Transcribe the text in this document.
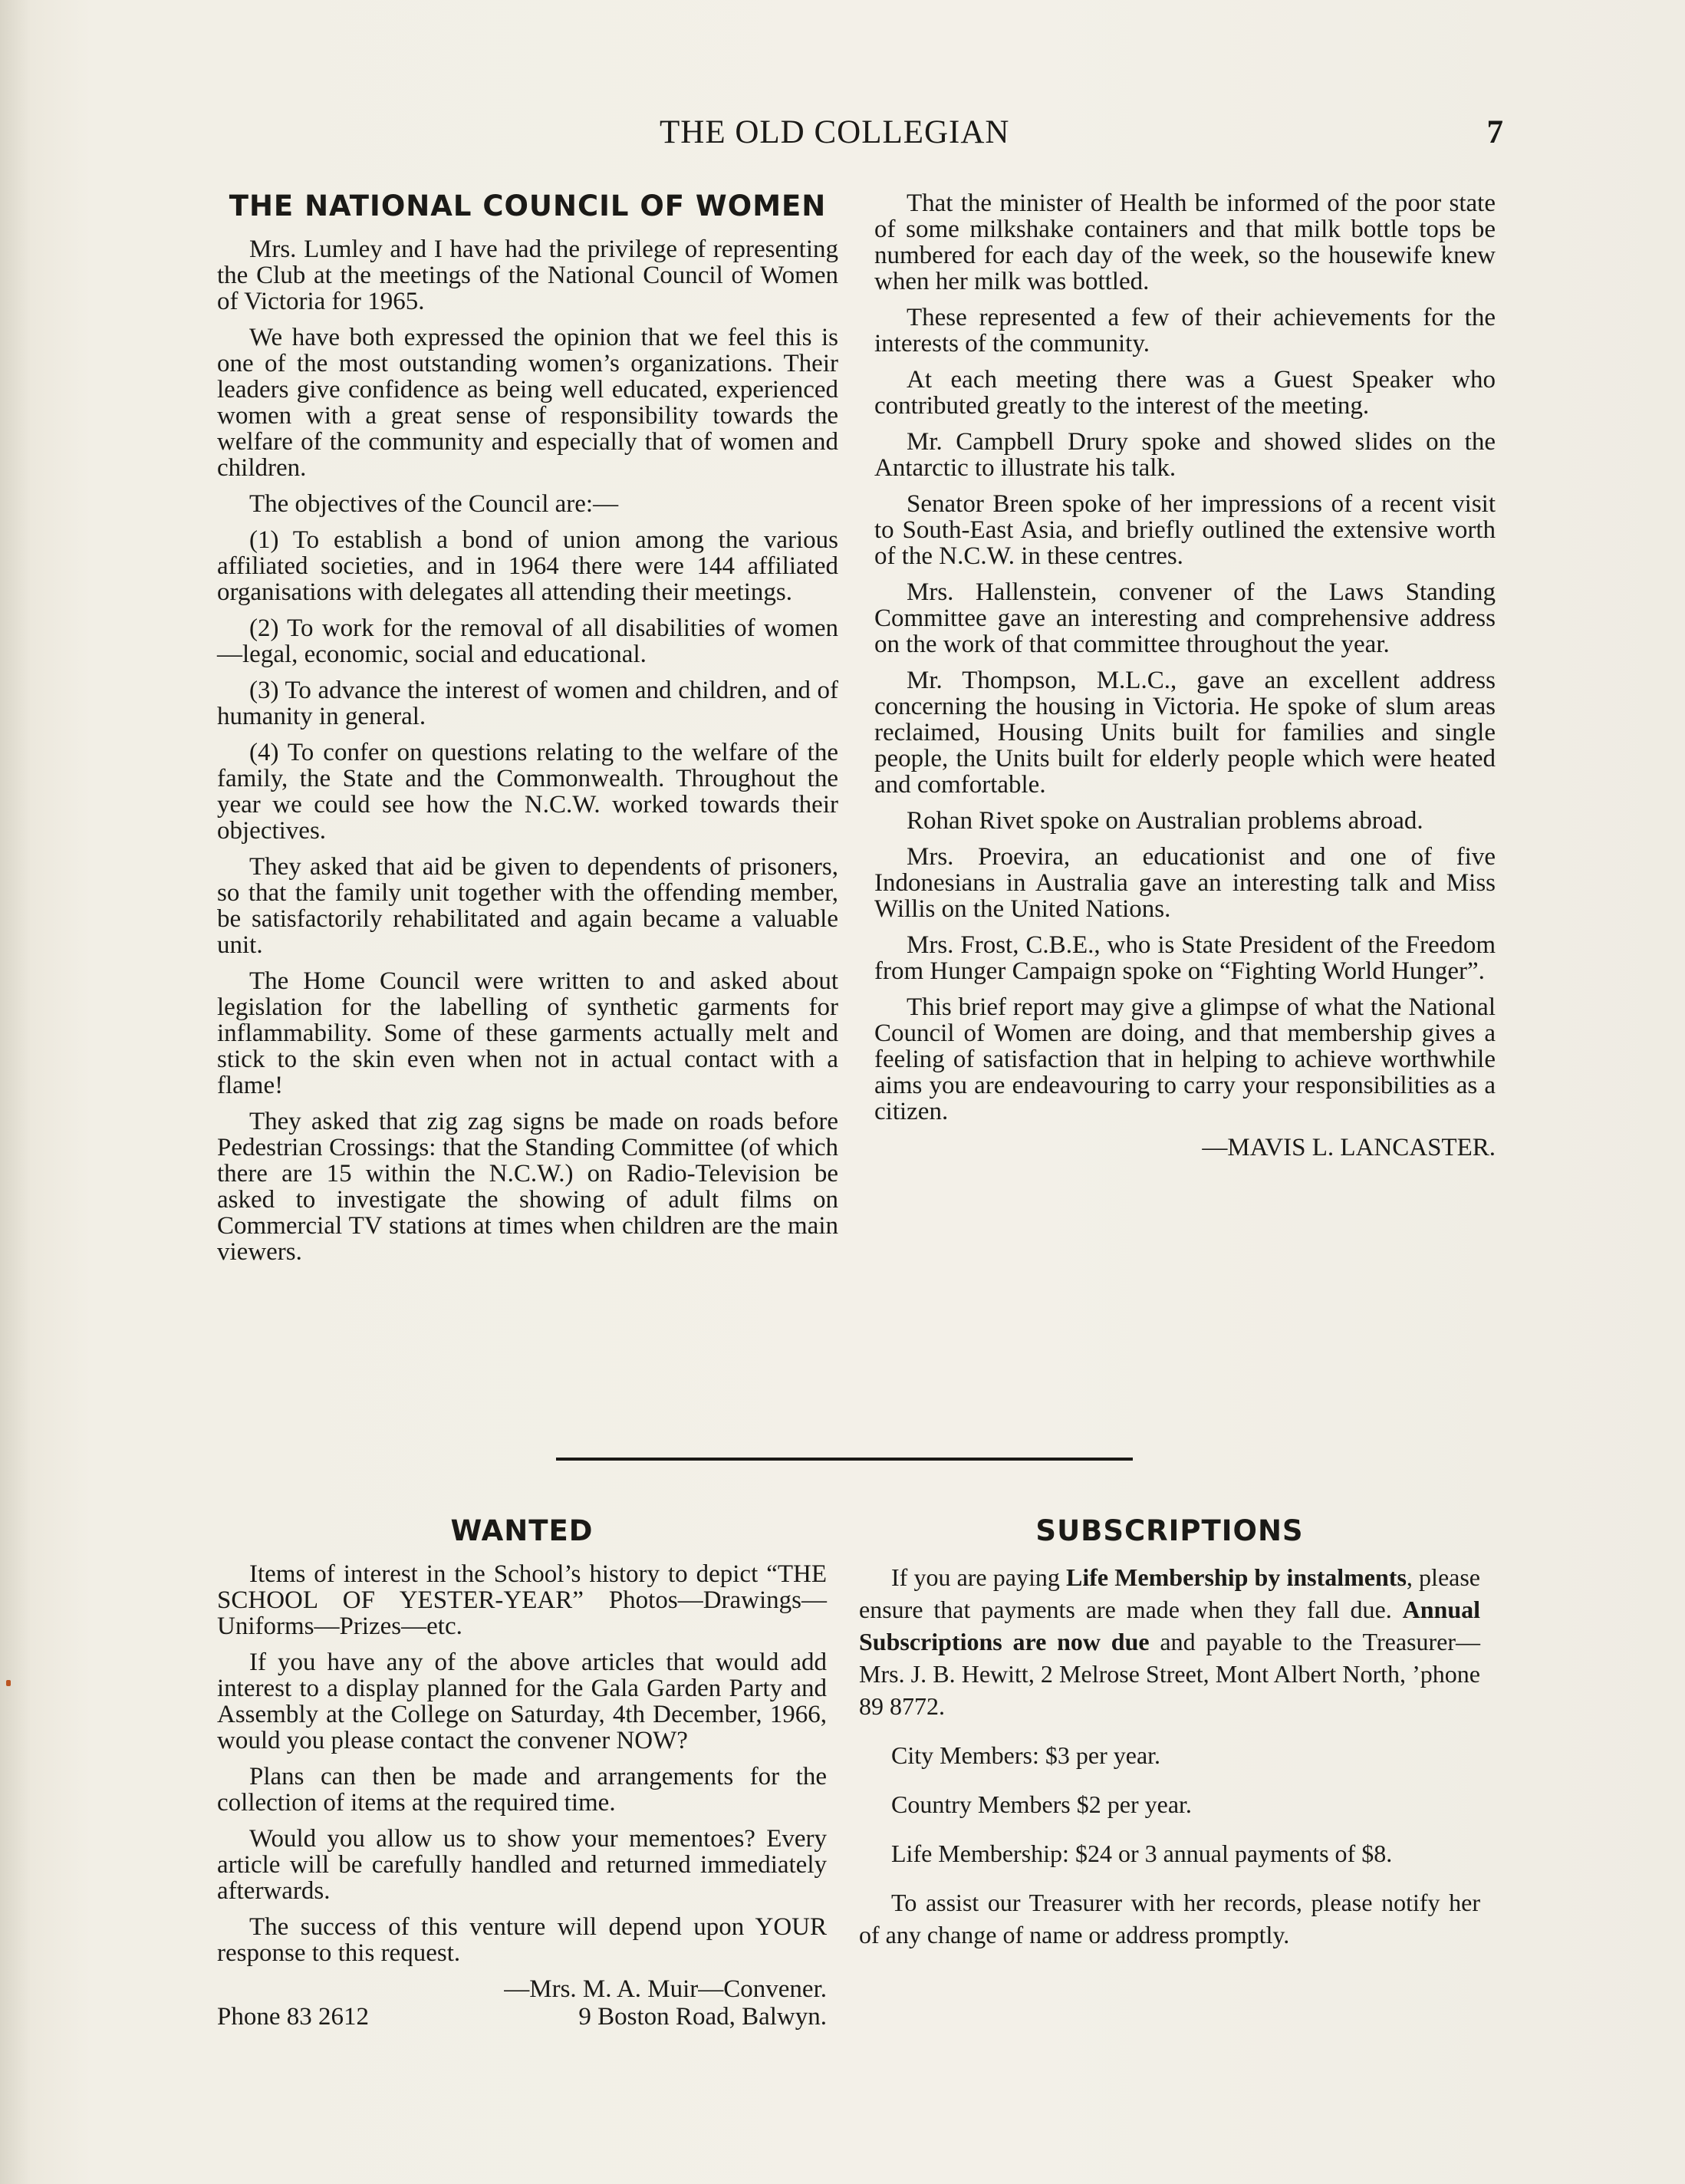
THE OLD COLLEGIAN	7
THE NATIONAL COUNCIL OF WOMEN

Mrs. Lumley and I have had the privilege of representing the Club at the meetings of the National Council of Women of Victoria for 1965.

We have both expressed the opinion that we feel this is one of the most outstanding women’s organizations. Their leaders give confidence as being well educated, experienced women with a great sense of responsibility towards the welfare of the community and especially that of women and children.

The objectives of the Council are:—

(1) To establish a bond of union among the various affiliated societies, and in 1964 there were 144 affiliated organisations with delegates all attending their meetings.

(2) To work for the removal of all disabilities of women—legal, economic, social and educational.

(3) To advance the interest of women and children, and of humanity in general.

(4) To confer on questions relating to the welfare of the family, the State and the Commonwealth. Throughout the year we could see how the N.C.W. worked towards their objectives.

They asked that aid be given to dependents of prisoners, so that the family unit together with the offending member, be satisfactorily rehabilitated and again became a valuable unit.

The Home Council were written to and asked about legislation for the labelling of synthetic garments for inflammability. Some of these garments actually melt and stick to the skin even when not in actual contact with a flame!

They asked that zig zag signs be made on roads before Pedestrian Crossings: that the Standing Committee (of which there are 15 within the N.C.W.) on Radio-Television be asked to investigate the showing of adult films on Commercial TV stations at times when children are the main viewers.

That the minister of Health be informed of the poor state of some milkshake containers and that milk bottle tops be numbered for each day of the week, so the housewife knew when her milk was bottled.

These represented a few of their achievements for the interests of the community.

At each meeting there was a Guest Speaker who contributed greatly to the interest of the meeting.

Mr. Campbell Drury spoke and showed slides on the Antarctic to illustrate his talk.

Senator Breen spoke of her impressions of a recent visit to South-East Asia, and briefly outlined the extensive worth of the N.C.W. in these centres.

Mrs. Hallenstein, convener of the Laws Standing Committee gave an interesting and comprehensive address on the work of that committee throughout the year.

Mr. Thompson, M.L.C., gave an excellent address concerning the housing in Victoria. He spoke of slum areas reclaimed, Housing Units built for families and single people, the Units built for elderly people which were heated and comfortable.

Rohan Rivet spoke on Australian problems abroad.

Mrs. Proevira, an educationist and one of five Indonesians in Australia gave an interesting talk and Miss Willis on the United Nations.

Mrs. Frost, C.B.E., who is State President of the Freedom from Hunger Campaign spoke on “Fighting World Hunger”.

This brief report may give a glimpse of what the National Council of Women are doing, and that membership gives a feeling of satisfaction that in helping to achieve worthwhile aims you are endeavouring to carry your responsibilities as a citizen.

—MAVIS L. LANCASTER.
WANTED

Items of interest in the School’s history to depict “THE SCHOOL OF YESTER-YEAR” Photos—Drawings—Uniforms—Prizes—etc.

If you have any of the above articles that would add interest to a display planned for the Gala Garden Party and Assembly at the College on Saturday, 4th December, 1966, would you please contact the convener NOW?

Plans can then be made and arrangements for the collection of items at the required time.

Would you allow us to show your mementoes? Every article will be carefully handled and returned immediately afterwards.

The success of this venture will depend upon YOUR response to this request.

—Mrs. M. A. Muir—Convener.
Phone 83 2612	9 Boston Road, Balwyn.
SUBSCRIPTIONS

If you are paying Life Membership by instalments, please ensure that payments are made when they fall due. Annual Subscriptions are now due and payable to the Treasurer—Mrs. J. B. Hewitt, 2 Melrose Street, Mont Albert North, ’phone 89 8772.

City Members: $3 per year.

Country Members $2 per year.

Life Membership: $24 or 3 annual payments of $8.

To assist our Treasurer with her records, please notify her of any change of name or address promptly.
